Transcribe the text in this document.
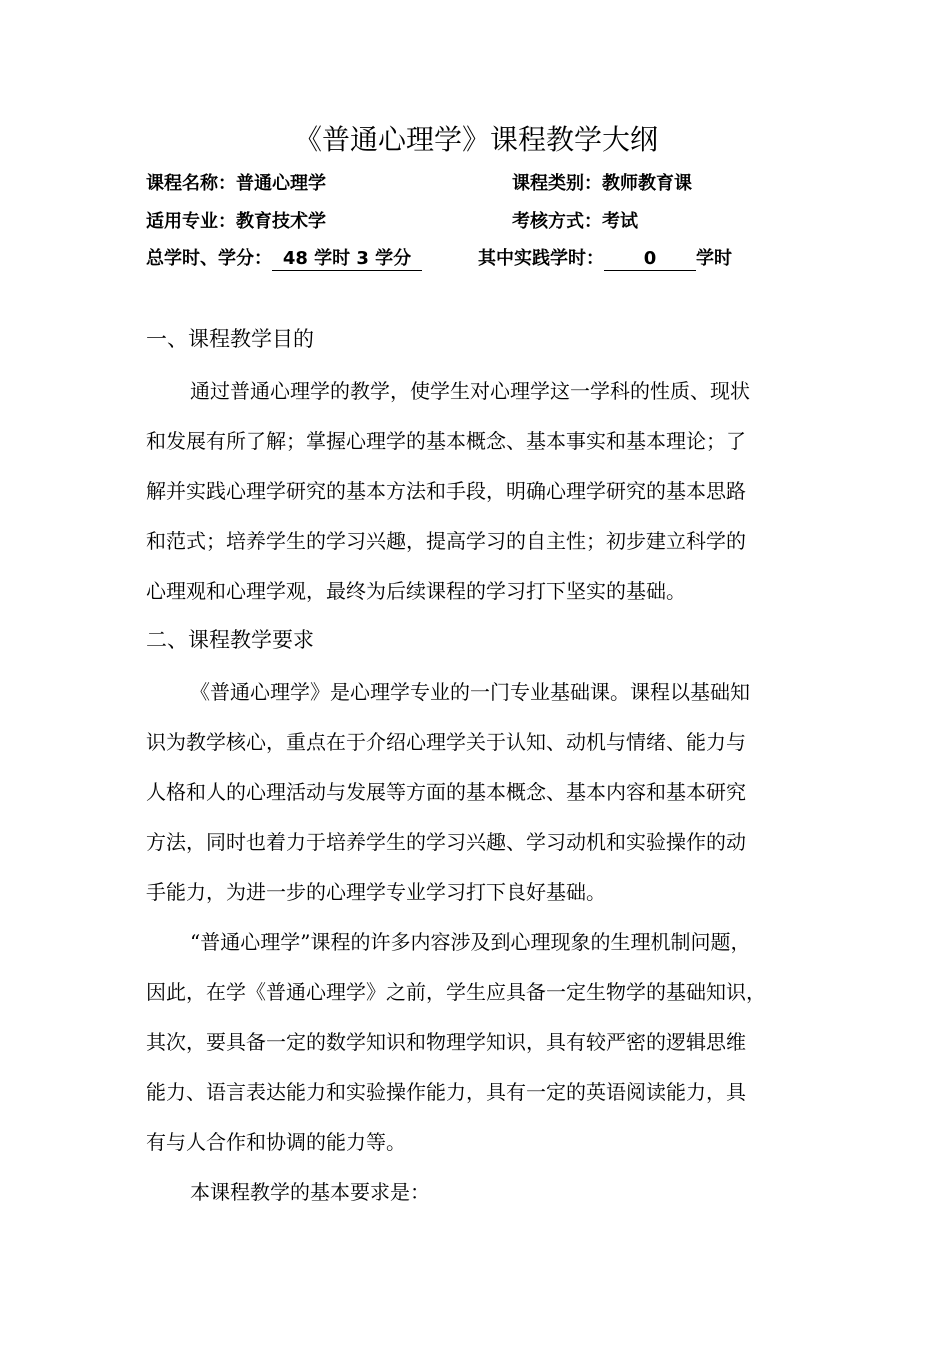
《普通心理学》课程教学大纲
课程名称：普通心理学	课程类别：教师教育课
适用专业：教育技术学	考核方式：考试
总学时、学分： 48 学时 3 学分	其中实践学时： 0 学时
一、课程教学目的

通过普通心理学的教学，使学生对心理学这一学科的性质、现状
和发展有所了解；掌握心理学的基本概念、基本事实和基本理论；了
解并实践心理学研究的基本方法和手段，明确心理学研究的基本思路
和范式；培养学生的学习兴趣，提高学习的自主性；初步建立科学的
心理观和心理学观，最终为后续课程的学习打下坚实的基础。

二、课程教学要求

《普通心理学》是心理学专业的一门专业基础课。课程以基础知
识为教学核心，重点在于介绍心理学关于认知、动机与情绪、能力与
人格和人的心理活动与发展等方面的基本概念、基本内容和基本研究
方法，同时也着力于培养学生的学习兴趣、学习动机和实验操作的动
手能力，为进一步的心理学专业学习打下良好基础。

“普通心理学”课程的许多内容涉及到心理现象的生理机制问题，
因此，在学《普通心理学》之前，学生应具备一定生物学的基础知识，
其次，要具备一定的数学知识和物理学知识，具有较严密的逻辑思维
能力、语言表达能力和实验操作能力，具有一定的英语阅读能力，具
有与人合作和协调的能力等。

本课程教学的基本要求是：
